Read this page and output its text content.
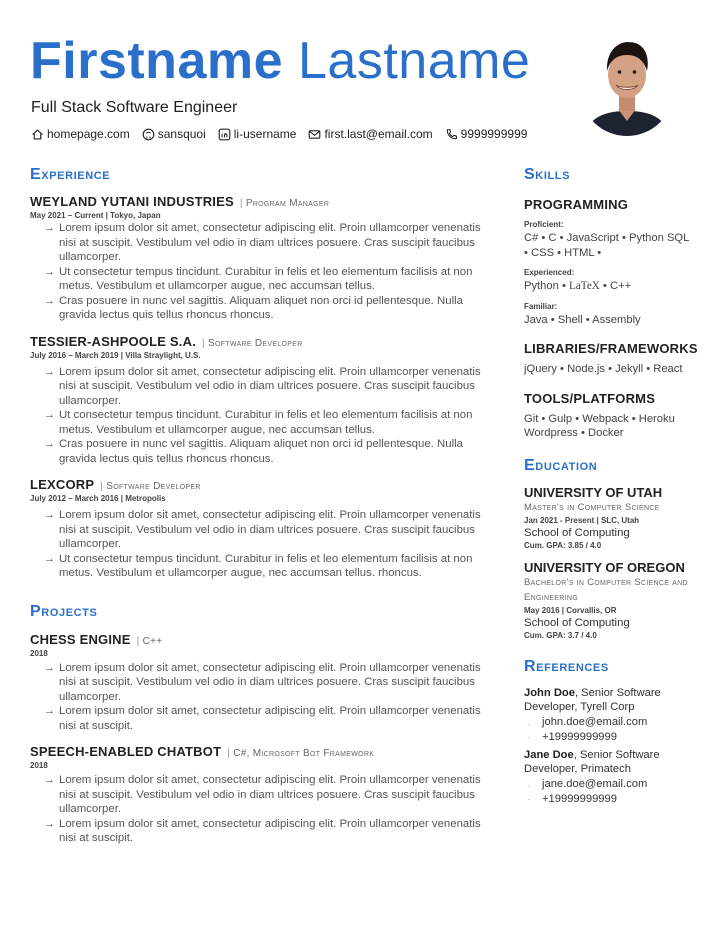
Firstname Lastname
Full Stack Software Engineer
homepage.com sansquoi li-username first.last@email.com 9999999999
Experience
WEYLAND YUTANI INDUSTRIES	| Program Manager
May 2021 – Current | Tokyo, Japan
→ Lorem ipsum dolor sit amet, consectetur adipiscing elit. Proin ullamcorper venenatis nisi at suscipit. Vestibulum vel odio in diam ultrices posuere. Cras suscipit faucibus ullamcorper.
→ Ut consectetur tempus tincidunt. Curabitur in felis et leo elementum facilisis at non metus. Vestibulum et ullamcorper augue, nec accumsan tellus.
→ Cras posuere in nunc vel sagittis. Aliquam aliquet non orci id pellentesque. Nulla gravida lectus quis tellus rhoncus rhoncus.
TESSIER-ASHPOOLE S.A.	| Software Developer
July 2016 – March 2019 | Villa Straylight, U.S.
→ Lorem ipsum dolor sit amet, consectetur adipiscing elit. Proin ullamcorper venenatis nisi at suscipit. Vestibulum vel odio in diam ultrices posuere. Cras suscipit faucibus ullamcorper.
→ Ut consectetur tempus tincidunt. Curabitur in felis et leo elementum facilisis at non metus. Vestibulum et ullamcorper augue, nec accumsan tellus.
→ Cras posuere in nunc vel sagittis. Aliquam aliquet non orci id pellentesque. Nulla gravida lectus quis tellus rhoncus rhoncus.
LEXCORP	| Software Developer
July 2012 – March 2016 | Metropolis
→ Lorem ipsum dolor sit amet, consectetur adipiscing elit. Proin ullamcorper venenatis nisi at suscipit. Vestibulum vel odio in diam ultrices posuere. Cras suscipit faucibus ullamcorper.
→ Ut consectetur tempus tincidunt. Curabitur in felis et leo elementum facilisis at non metus. Vestibulum et ullamcorper augue, nec accumsan tellus. rhoncus.
Projects
CHESS ENGINE	| C++
2018
→ Lorem ipsum dolor sit amet, consectetur adipiscing elit. Proin ullamcorper venenatis nisi at suscipit. Vestibulum vel odio in diam ultrices posuere. Cras suscipit faucibus ullamcorper.
→ Lorem ipsum dolor sit amet, consectetur adipiscing elit. Proin ullamcorper venenatis nisi at suscipit.
SPEECH-ENABLED CHATBOT	| C#, Microsoft Bot Framework
2018
→ Lorem ipsum dolor sit amet, consectetur adipiscing elit. Proin ullamcorper venenatis nisi at suscipit. Vestibulum vel odio in diam ultrices posuere. Cras suscipit faucibus ullamcorper.
→ Lorem ipsum dolor sit amet, consectetur adipiscing elit. Proin ullamcorper venenatis nisi at suscipit.
Skills
PROGRAMMING
Proficient:
C# • C • JavaScript • Python SQL • CSS • HTML •
Experienced:
Python • LaTeX • C++
Familiar:
Java • Shell • Assembly
LIBRARIES/FRAMEWORKS
jQuery • Node.js • Jekyll • React
TOOLS/PLATFORMS
Git • Gulp • Webpack • Heroku Wordpress • Docker
Education
UNIVERSITY OF UTAH
Master's in Computer Science
Jan 2021 - Present | SLC, Utah
School of Computing
Cum. GPA: 3.85 / 4.0
UNIVERSITY OF OREGON
Bachelor's in Computer Science and Engineering
May 2016 | Corvallis, OR
School of Computing
Cum. GPA: 3.7 / 4.0
References
John Doe, Senior Software Developer, Tyrell Corp
.	john.doe@email.com
·	+19999999999
Jane Doe, Senior Software Developer, Primatech
.	jane.doe@email.com
·	+19999999999
